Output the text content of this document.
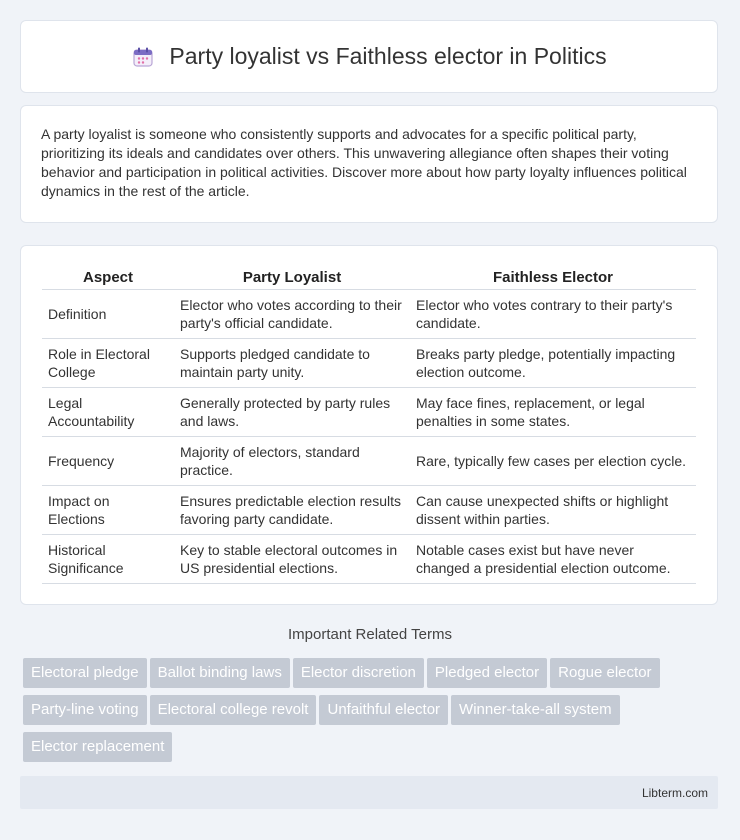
Party loyalist vs Faithless elector in Politics

A party loyalist is someone who consistently supports and advocates for a specific political party, prioritizing its ideals and candidates over others. This unwavering allegiance often shapes their voting behavior and participation in political activities. Discover more about how party loyalty influences political dynamics in the rest of the article.

Aspect	Party Loyalist	Faithless Elector
Definition	Elector who votes according to their party's official candidate.	Elector who votes contrary to their party's candidate.
Role in Electoral College	Supports pledged candidate to maintain party unity.	Breaks party pledge, potentially impacting election outcome.
Legal Accountability	Generally protected by party rules and laws.	May face fines, replacement, or legal penalties in some states.
Frequency	Majority of electors, standard practice.	Rare, typically few cases per election cycle.
Impact on Elections	Ensures predictable election results favoring party candidate.	Can cause unexpected shifts or highlight dissent within parties.
Historical Significance	Key to stable electoral outcomes in US presidential elections.	Notable cases exist but have never changed a presidential election outcome.
Important Related Terms
Electoral pledge Ballot binding laws Elector discretion Pledged elector Rogue electorParty-line voting Electoral college revolt Unfaithful elector Winner-take-all systemElector replacement
Libterm.com
